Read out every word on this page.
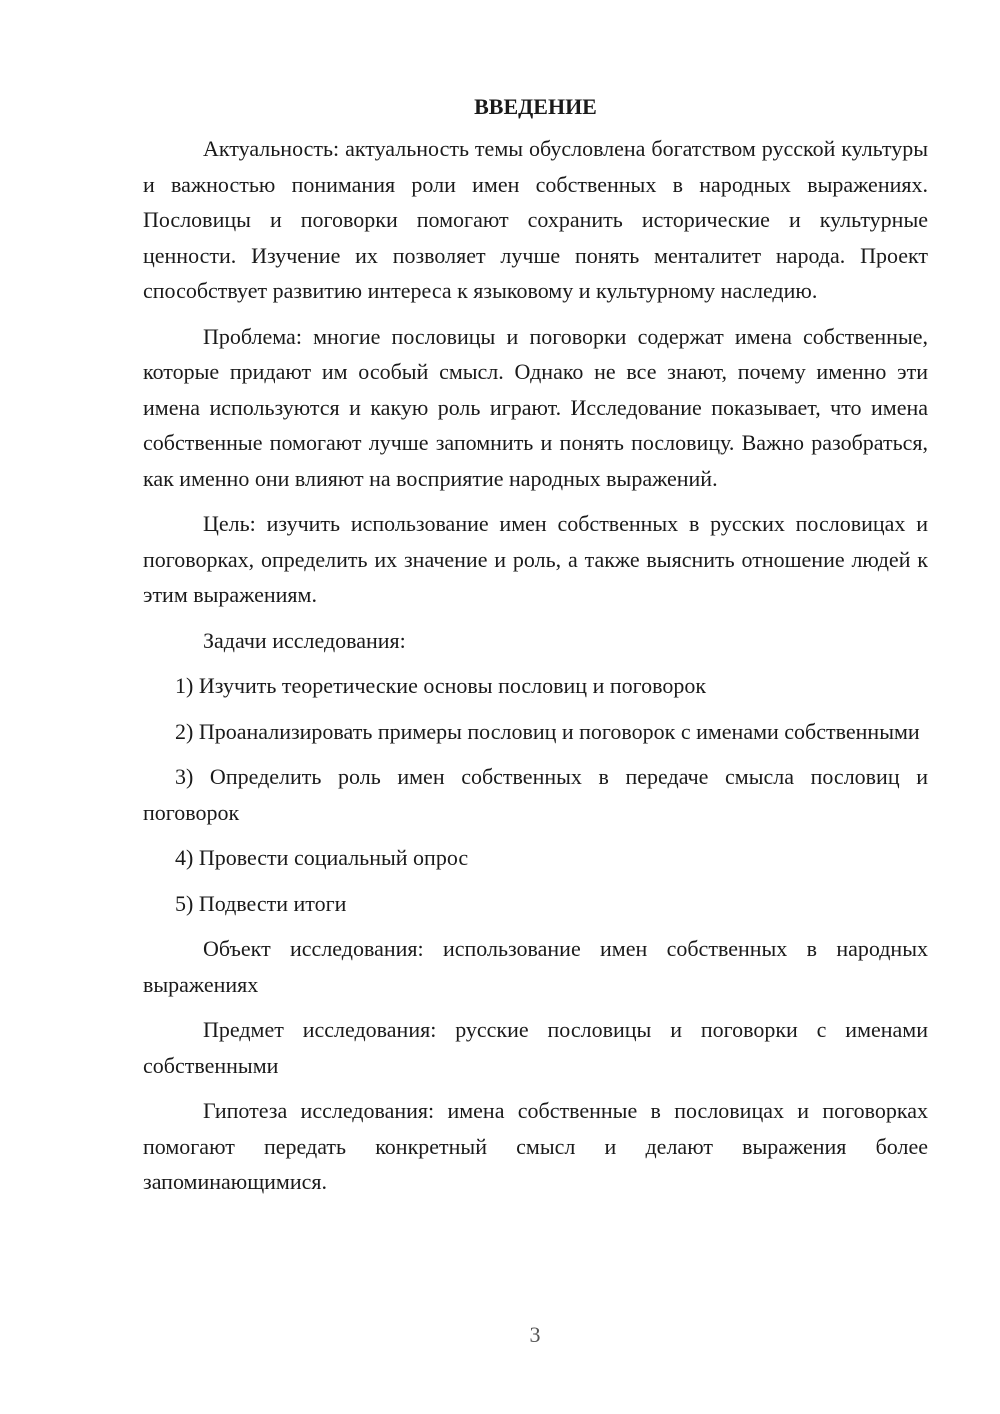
ВВЕДЕНИЕ

Актуальность: актуальность темы обусловлена богатством русской культуры и важностью понимания роли имен собственных в народных выражениях. Пословицы и поговорки помогают сохранить исторические и культурные ценности. Изучение их позволяет лучше понять менталитет народа. Проект способствует развитию интереса к языковому и культурному наследию.

Проблема: многие пословицы и поговорки содержат имена собственные, которые придают им особый смысл. Однако не все знают, почему именно эти имена используются и какую роль играют. Исследование показывает, что имена собственные помогают лучше запомнить и понять пословицу. Важно разобраться, как именно они влияют на восприятие народных выражений.

Цель: изучить использование имен собственных в русских пословицах и поговорках, определить их значение и роль, а также выяснить отношение людей к этим выражениям.

Задачи исследования:

1) Изучить теоретические основы пословиц и поговорок

2) Проанализировать примеры пословиц и поговорок с именами собственными

3) Определить роль имен собственных в передаче смысла пословиц и поговорок

4) Провести социальный опрос

5) Подвести итоги

Объект исследования: использование имен собственных в народных выражениях

Предмет исследования: русские пословицы и поговорки с именами собственными

Гипотеза исследования: имена собственные в пословицах и поговорках помогают передать конкретный смысл и делают выражения более запоминающимися.

3
